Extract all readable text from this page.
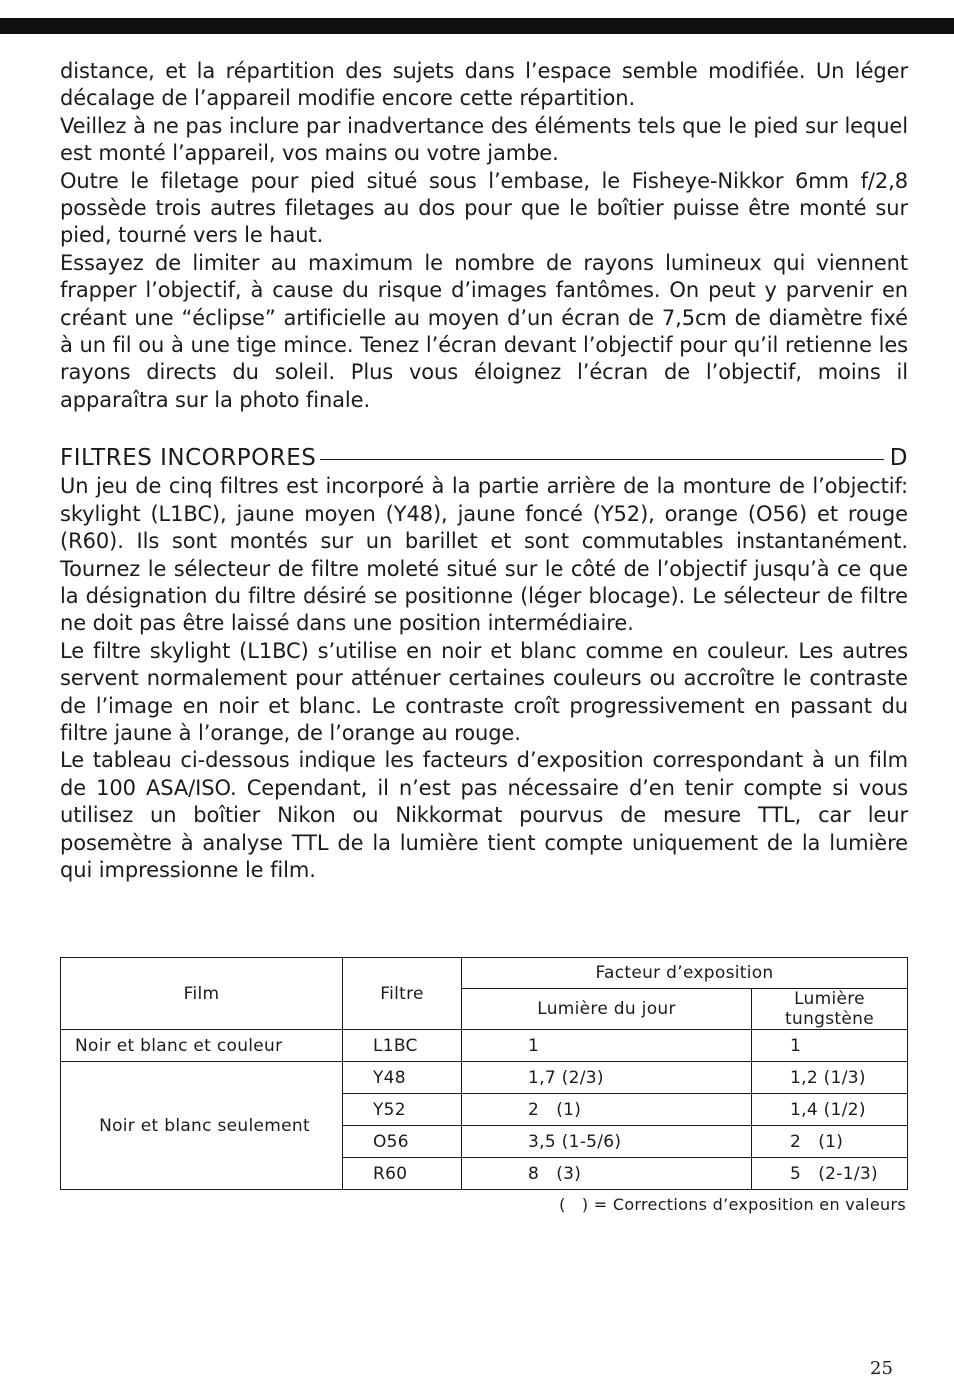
distance, et la répartition des sujets dans l’espace semble modifiée. Un léger décalage de l’appareil modifie encore cette répartition.

Veillez à ne pas inclure par inadvertance des éléments tels que le pied sur lequel est monté l’appareil, vos mains ou votre jambe.

Outre le filetage pour pied situé sous l’embase, le Fisheye-Nikkor 6mm f/2,8 possède trois autres filetages au dos pour que le boîtier puisse être monté sur pied, tourné vers le haut.

Essayez de limiter au maximum le nombre de rayons lumineux qui viennent frapper l’objectif, à cause du risque d’images fantômes. On peut y parvenir en créant une “éclipse” artificielle au moyen d’un écran de 7,5cm de diamètre fixé à un fil ou à une tige mince. Tenez l’écran devant l’objectif pour qu’il retienne les rayons directs du soleil. Plus vous éloignez l’écran de l’objectif, moins il apparaîtra sur la photo finale.

FILTRES INCORPORES	D

Un jeu de cinq filtres est incorporé à la partie arrière de la monture de l’objectif: skylight (L1BC), jaune moyen (Y48), jaune foncé (Y52), orange (O56) et rouge (R60). Ils sont montés sur un barillet et sont commutables instantanément. Tournez le sélecteur de filtre moleté situé sur le côté de l’objectif jusqu’à ce que la désignation du filtre désiré se positionne (léger blocage). Le sélecteur de filtre ne doit pas être laissé dans une position intermédiaire.

Le filtre skylight (L1BC) s’utilise en noir et blanc comme en couleur. Les autres servent normalement pour atténuer certaines couleurs ou accroître le contraste de l’image en noir et blanc. Le contraste croît progressivement en passant du filtre jaune à l’orange, de l’orange au rouge.

Le tableau ci-dessous indique les facteurs d’exposition correspondant à un film de 100 ASA/ISO. Cependant, il n’est pas nécessaire d’en tenir compte si vous utilisez un boîtier Nikon ou Nikkormat pourvus de mesure TTL, car leur posemètre à analyse TTL de la lumière tient compte uniquement de la lumière qui impressionne le film.

Film	Filtre	Facteur d’exposition	
		Lumière du jour	Lumière tungstène
Noir et blanc et couleur	L1BC	1	1
Noir et blanc seulement	Y48	1,7 (2/3)	1,2 (1/3)
	Y52	2   (1)	1,4 (1/2)
	O56	3,5 (1-5/6)	2   (1)
	R60	8   (3)	5   (2-1/3)
(   ) = Corrections d’exposition en valeurs
25
